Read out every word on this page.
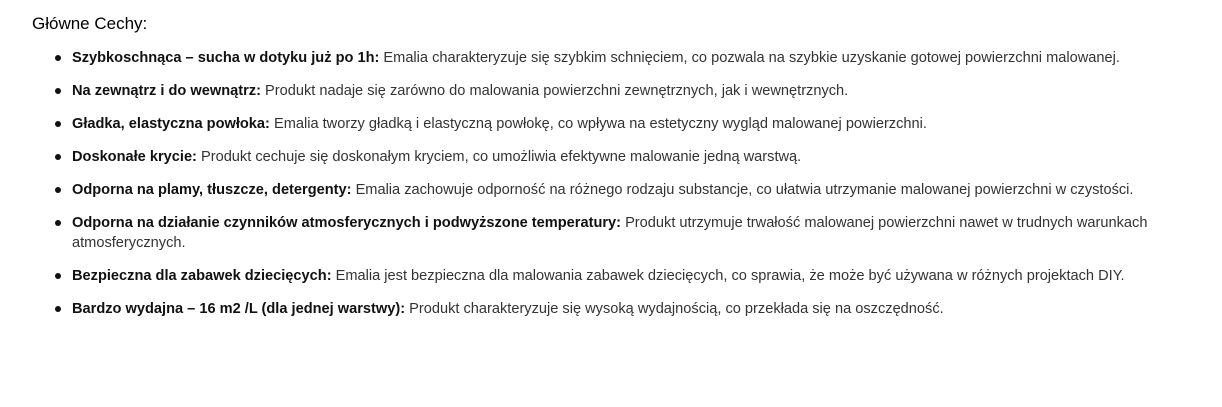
Główne Cechy:
Szybkoschnąca – sucha w dotyku już po 1h: Emalia charakteryzuje się szybkim schnięciem, co pozwala na szybkie uzyskanie gotowej powierzchni malowanej.
Na zewnątrz i do wewnątrz: Produkt nadaje się zarówno do malowania powierzchni zewnętrznych, jak i wewnętrznych.
Gładka, elastyczna powłoka: Emalia tworzy gładką i elastyczną powłokę, co wpływa na estetyczny wygląd malowanej powierzchni.
Doskonałe krycie: Produkt cechuje się doskonałym kryciem, co umożliwia efektywne malowanie jedną warstwą.
Odporna na plamy, tłuszcze, detergenty: Emalia zachowuje odporność na różnego rodzaju substancje, co ułatwia utrzymanie malowanej powierzchni w czystości.
Odporna na działanie czynników atmosferycznych i podwyższone temperatury: Produkt utrzymuje trwałość malowanej powierzchni nawet w trudnych warunkach atmosferycznych.
Bezpieczna dla zabawek dziecięcych: Emalia jest bezpieczna dla malowania zabawek dziecięcych, co sprawia, że może być używana w różnych projektach DIY.
Bardzo wydajna – 16 m2 /L (dla jednej warstwy): Produkt charakteryzuje się wysoką wydajnością, co przekłada się na oszczędność.
